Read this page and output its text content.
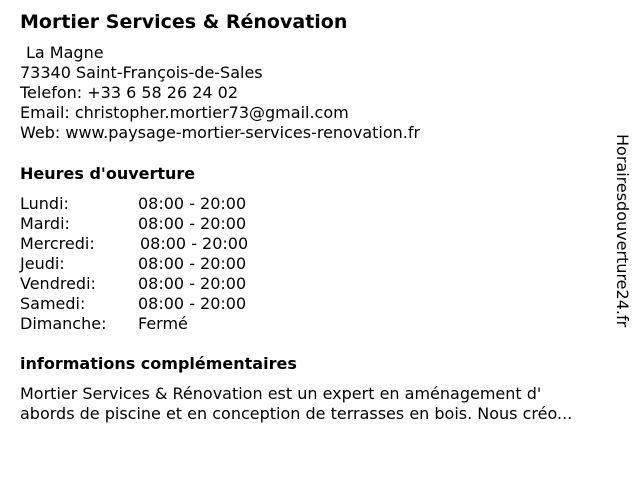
Mortier Services & Rénovation
La Magne
73340 Saint-François-de-Sales
Telefon: +33 6 58 26 24 02
Email: christopher.mortier73@gmail.com
Web: www.paysage-mortier-services-renovation.fr
Heures d'ouverture
Lundi:	08:00 - 20:00
Mardi:	08:00 - 20:00
Mercredi:	08:00 - 20:00
Jeudi:	08:00 - 20:00
Vendredi:	08:00 - 20:00
Samedi:	08:00 - 20:00
Dimanche: Fermé
informations complémentaires
Mortier Services & Rénovation est un expert en aménagement d'
abords de piscine et en conception de terrasses en bois. Nous créo...
Horairesdouverture24.fr
